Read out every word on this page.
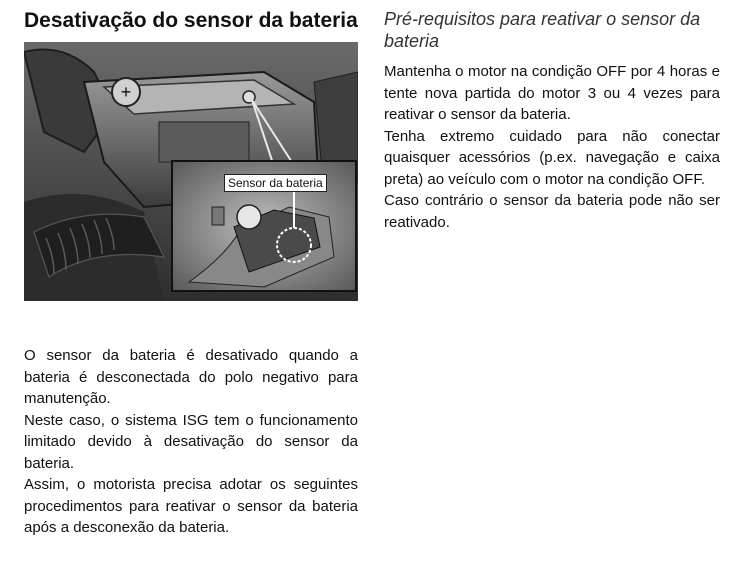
Desativação do sensor da bateria
+
Sensor da bateria

O sensor da bateria é desativado quando a bateria é desconectada do polo negativo para manutenção.

Neste caso, o sistema ISG tem o funcionamento limitado devido à desativação do sensor da bateria.

Assim, o motorista precisa adotar os seguintes procedimentos para reativar o sensor da bateria após a desconexão da bateria.

Pré-requisitos para reativar o sensor da bateria

Mantenha o motor na condição OFF por 4 horas e tente nova partida do motor 3 ou 4 vezes para reativar o sensor da bateria.

Tenha extremo cuidado para não conectar quaisquer acessórios (p.ex. navegação e caixa preta) ao veículo com o motor na condição OFF.

Caso contrário o sensor da bateria pode não ser reativado.
